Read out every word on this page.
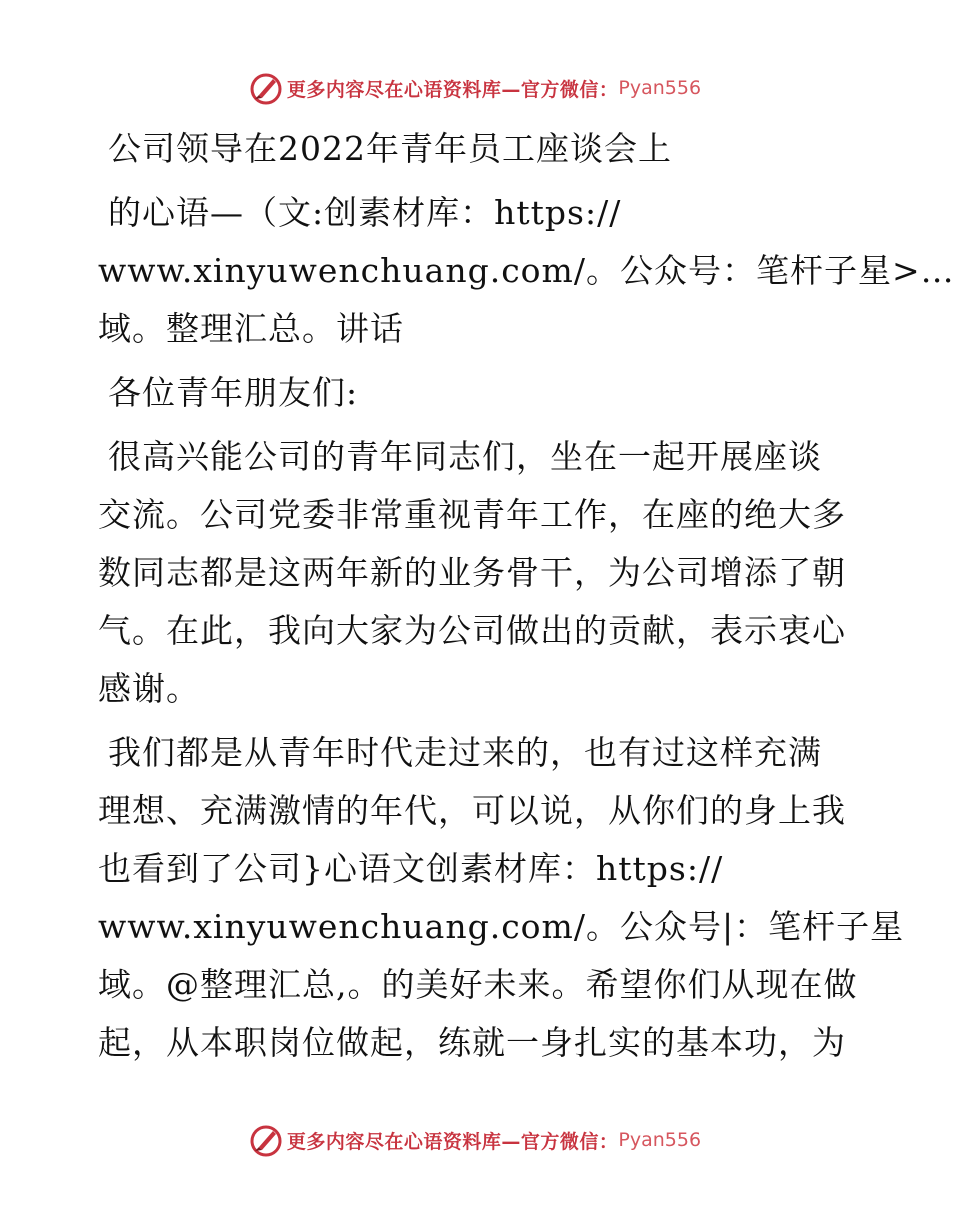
更多内容尽在心语资料库—官方微信： Pyan556
公司领导在2022年青年员工座谈会上
的心语—（文:创素材库：https://
www.xinyuwenchuang.com/。公众号：笔杆子星>…
域。整理汇总。讲话
各位青年朋友们:
很高兴能公司的青年同志们，坐在一起开展座谈
交流。公司党委非常重视青年工作，在座的绝大多
数同志都是这两年新的业务骨干，为公司增添了朝
气。在此，我向大家为公司做出的贡献，表示衷心
感谢。
我们都是从青年时代走过来的，也有过这样充满
理想、充满激情的年代，可以说，从你们的身上我
也看到了公司}心语文创素材库：https://
www.xinyuwenchuang.com/。公众号|：笔杆子星
域。@整理汇总,。的美好未来。希望你们从现在做
起，从本职岗位做起，练就一身扎实的基本功，为
更多内容尽在心语资料库—官方微信： Pyan556
